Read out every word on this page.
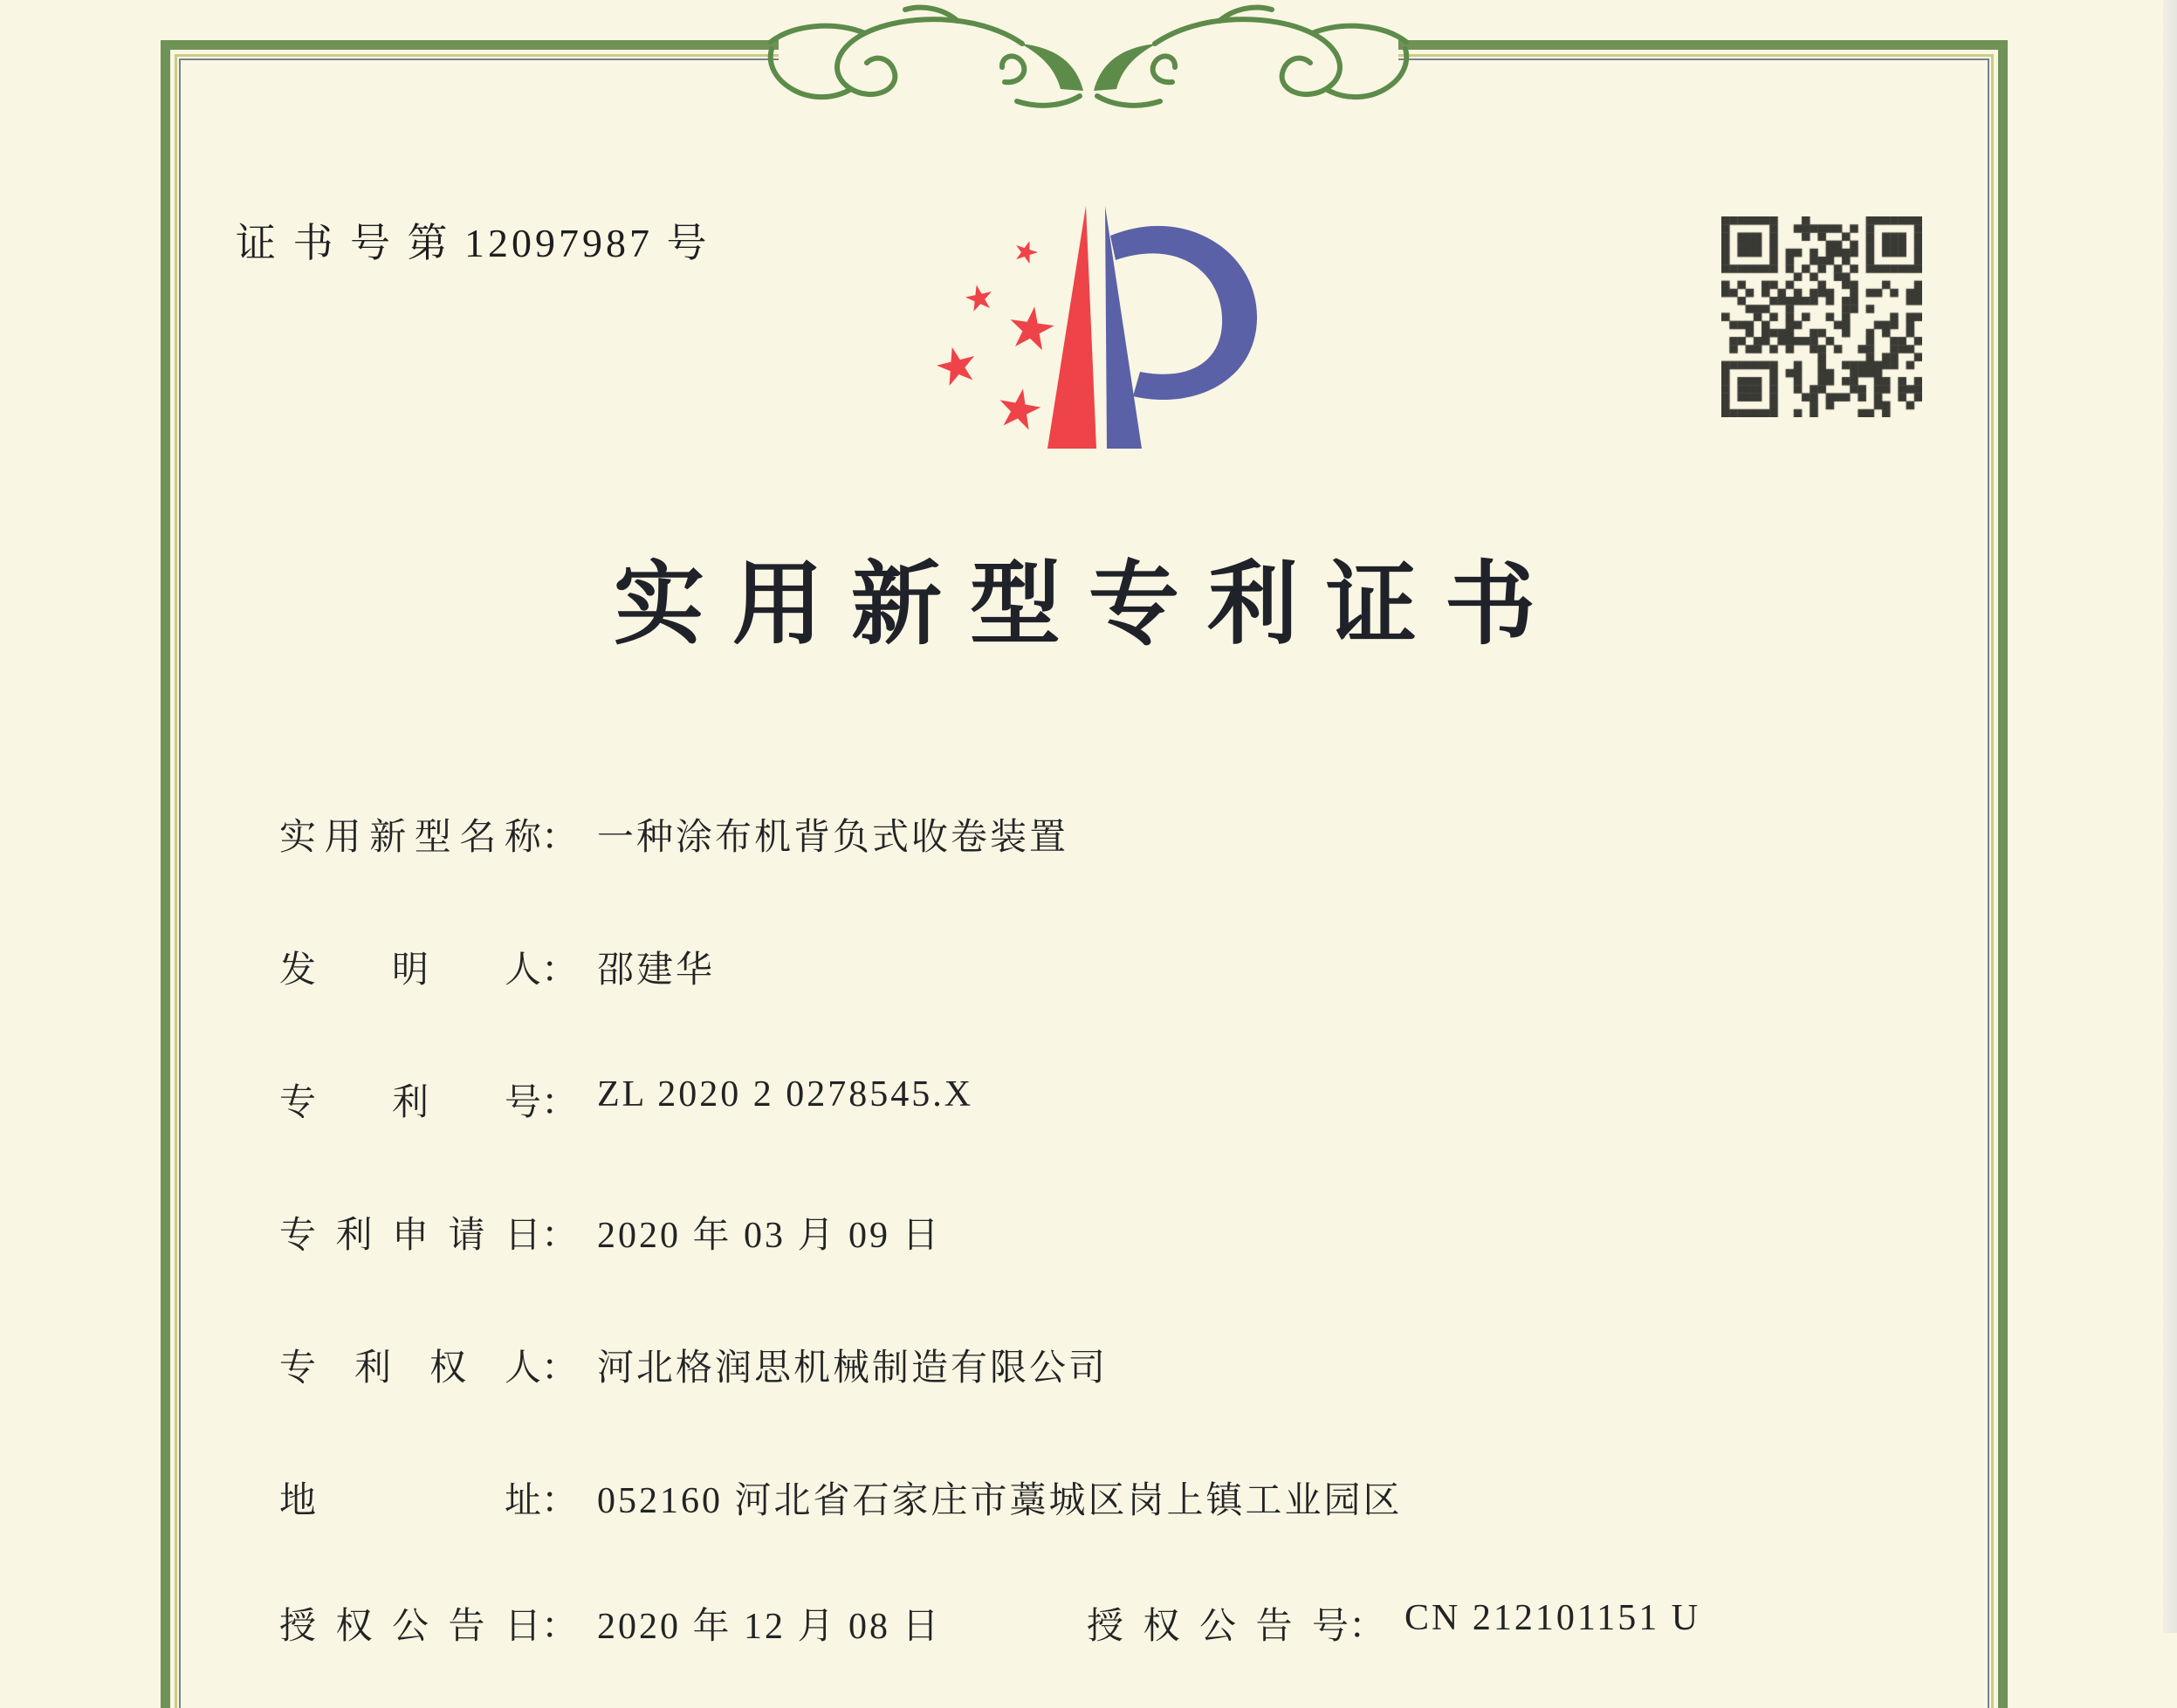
证 书 号 第 12097987 号	★
★ ★
★
★
实用新型专利证书
实用新型名称： 一种涂布机背负式收卷装置
发　明　人： 邵建华
专　利　号： ZL 2020 2 0278545.X
专利申请日： 2020 年 03 月 09 日
专 利 权 人： 河北格润思机械制造有限公司
地　　　址： 052160 河北省石家庄市藁城区岗上镇工业园区
授权公告日： 2020 年 12 月 08 日	授权公告号： CN 212101151 U
